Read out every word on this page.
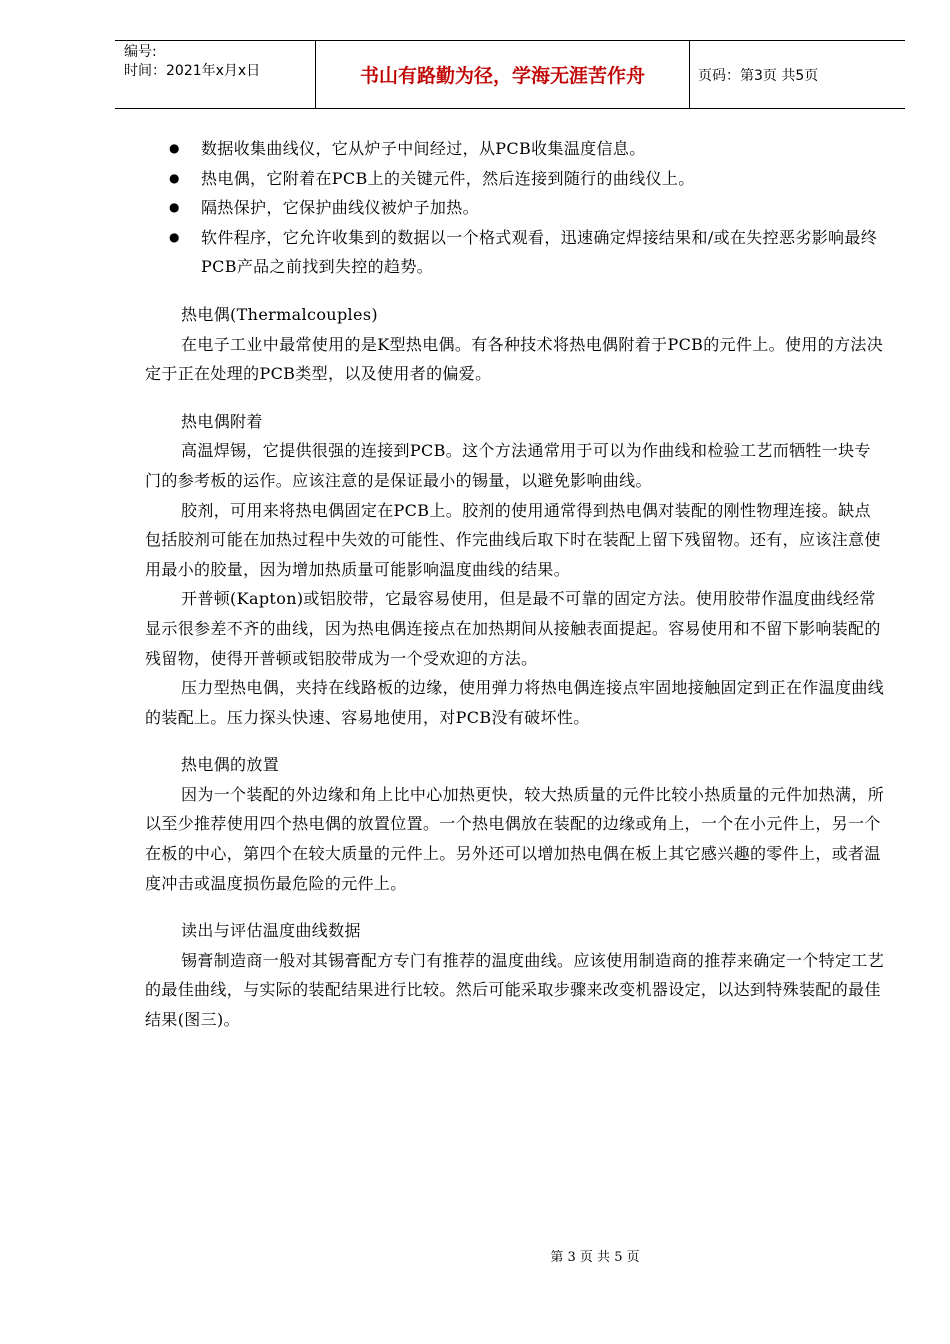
编号:
时间：2021年x月x日	书山有路勤为径，学海无涯苦作舟	页码：第3页 共5页
● 数据收集曲线仪，它从炉子中间经过，从PCB收集温度信息。
● 热电偶，它附着在PCB上的关键元件，然后连接到随行的曲线仪上。
● 隔热保护，它保护曲线仪被炉子加热。
● 软件程序，它允许收集到的数据以一个格式观看，迅速确定焊接结果和/或在失控恶劣影响最终PCB产品之前找到失控的趋势。

热电偶(Thermalcouples)

在电子工业中最常使用的是K型热电偶。有各种技术将热电偶附着于PCB的元件上。使用的方法决定于正在处理的PCB类型，以及使用者的偏爱。

热电偶附着

高温焊锡，它提供很强的连接到PCB。这个方法通常用于可以为作曲线和检验工艺而牺牲一块专门的参考板的运作。应该注意的是保证最小的锡量，以避免影响曲线。

胶剂，可用来将热电偶固定在PCB上。胶剂的使用通常得到热电偶对装配的刚性物理连接。缺点包括胶剂可能在加热过程中失效的可能性、作完曲线后取下时在装配上留下残留物。还有，应该注意使用最小的胶量，因为增加热质量可能影响温度曲线的结果。

开普顿(Kapton)或铝胶带，它最容易使用，但是最不可靠的固定方法。使用胶带作温度曲线经常显示很参差不齐的曲线，因为热电偶连接点在加热期间从接触表面提起。容易使用和不留下影响装配的残留物，使得开普顿或铝胶带成为一个受欢迎的方法。

压力型热电偶，夹持在线路板的边缘，使用弹力将热电偶连接点牢固地接触固定到正在作温度曲线的装配上。压力探头快速、容易地使用，对PCB没有破坏性。

热电偶的放置

因为一个装配的外边缘和角上比中心加热更快，较大热质量的元件比较小热质量的元件加热满，所以至少推荐使用四个热电偶的放置位置。一个热电偶放在装配的边缘或角上，一个在小元件上，另一个在板的中心，第四个在较大质量的元件上。另外还可以增加热电偶在板上其它感兴趣的零件上，或者温度冲击或温度损伤最危险的元件上。

读出与评估温度曲线数据

锡膏制造商一般对其锡膏配方专门有推荐的温度曲线。应该使用制造商的推荐来确定一个特定工艺的最佳曲线，与实际的装配结果进行比较。然后可能采取步骤来改变机器设定，以达到特殊装配的最佳结果(图三)。

第 3 页 共 5 页
